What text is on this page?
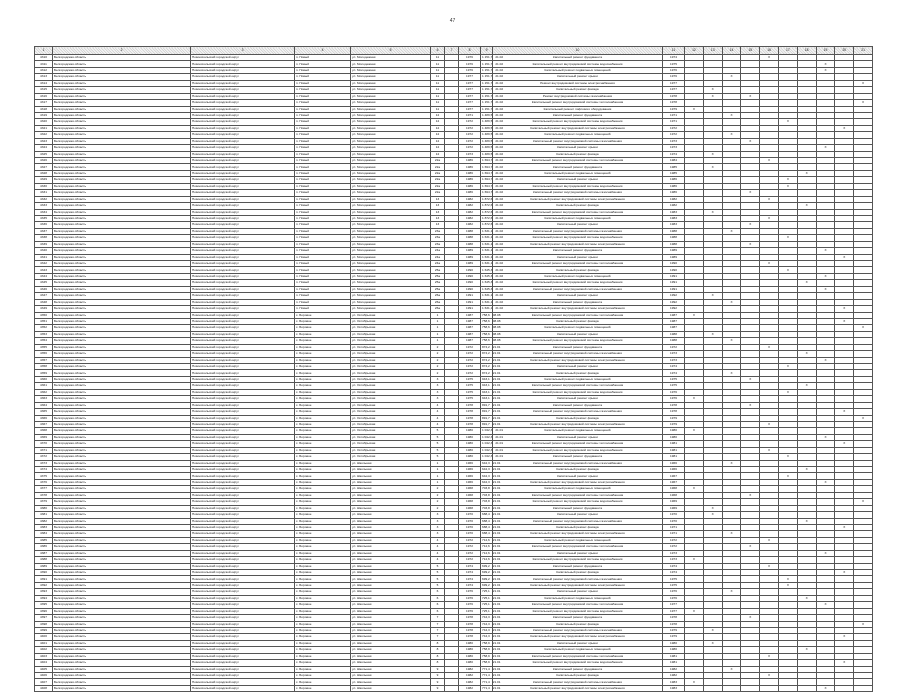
47
1	2	3	4	5	6	7	8	9	10	11	12	13	14	15	16	17	18	19	20	21
4310	Белгородская область	Новооскольский городской округ	п. Новый	ул. Молодежная	11		1976	1 151,7 21.02	Капитальный ремонт фундамента	1974					X					
4311	Белгородская область	Новооскольский городской округ	п. Новый	ул. Молодежная	11		1976	1 151,7 21.02	Капитальный ремонт внутридомовой системы водоснабжения	1975								X		
4312	Белгородская область	Новооскольский городской округ	п. Новый	ул. Молодежная	11		1976	1 151,7 21.02	Капитальный ремонт подвальных помещений	1976								X		
4313	Белгородская область	Новооскольский городской округ	п. Новый	ул. Молодежная	11		1977	1 151,7 21.02	Капитальный ремонт крыши	1976			X							
4314	Белгородская область	Новооскольский городской округ	п. Новый	ул. Молодежная	11		1977	1 151,7 21.02	Ремонт внутридомовой системы электроснабжения	1977										X
4315	Белгородская область	Новооскольский городской округ	п. Новый	ул. Молодежная	11		1977	1 151,7 21.02	Капитальный ремонт фасада	1977		X								
4316	Белгородская область	Новооскольский городской округ	п. Новый	ул. Молодежная	11		1977	1 151,7 21.02	Ремонт внутридомовой системы газоснабжения	1978		X		X						
4317	Белгородская область	Новооскольский городской округ	п. Новый	ул. Молодежная	11		1977	1 151,7 21.02	Капитальный ремонт внутридомовой системы теплоснабжения	1978										X
4318	Белгородская область	Новооскольский городской округ	п. Новый	ул. Молодежная	11		1977	1 151,7 21.02	Капитальный ремонт лифтового оборудования	1979	X									
4319	Белгородская область	Новооскольский городской округ	п. Новый	ул. Молодежная	12		1971	1 489,5 21.02	Капитальный ремонт фундамента	1971			X							
4320	Белгородская область	Новооскольский городской округ	п. Новый	ул. Молодежная	12		1972	1 489,5 21.02	Капитальный ремонт внутридомовой системы водоснабжения	1971						X				
4321	Белгородская область	Новооскольский городской округ	п. Новый	ул. Молодежная	12		1972	1 489,5 21.02	Капитальный ремонт внутридомовой системы электроснабжения	1972									X	
4322	Белгородская область	Новооскольский городской округ	п. Новый	ул. Молодежная	12		1972	1 489,5 21.02	Капитальный ремонт подвальных помещений	1972			X							
4323	Белгородская область	Новооскольский городской округ	п. Новый	ул. Молодежная	12		1972	1 489,5 21.02	Капитальный ремонт внутридомовой системы газоснабжения	1973				X						
4324	Белгородская область	Новооскольский городской округ	п. Новый	ул. Молодежная	12		1972	1 489,5 21.02	Капитальный ремонт крыши	1973								X		
4325	Белгородская область	Новооскольский городской округ	п. Новый	ул. Молодежная	12		1973	1 489,5 21.02	Капитальный ремонт фасада	1974		X								
4326	Белгородская область	Новооскольский городской округ	п. Новый	ул. Молодежная	22а		1986	1 694,7 21.02	Капитальный ремонт внутридомовой системы теплоснабжения	1984					X					
4327	Белгородская область	Новооскольский городской округ	п. Новый	ул. Молодежная	22а		1986	1 694,7 21.02	Капитальный ремонт фундамента	1985		X								
4328	Белгородская область	Новооскольский городской округ	п. Новый	ул. Молодежная	22а		1986	1 694,7 21.02	Капитальный ремонт подвальных помещений	1985							X			
4329	Белгородская область	Новооскольский городской округ	п. Новый	ул. Молодежная	22а		1986	1 694,7 21.02	Капитальный ремонт крыши	1986						X				
4330	Белгородская область	Новооскольский городской округ	п. Новый	ул. Молодежная	22а		1986	1 694,7 21.02	Капитальный ремонт внутридомовой системы водоснабжения	1986						X				
4331	Белгородская область	Новооскольский городской округ	п. Новый	ул. Молодежная	22а		1986	1 694,7 21.02	Капитальный ремонт внутридомовой системы газоснабжения	1986				X						
4332	Белгородская область	Новооскольский городской округ	п. Новый	ул. Молодежная	13		1982	1 872,6 21.02	Капитальный ремонт внутридомовой системы электроснабжения	1982					X					
4333	Белгородская область	Новооскольский городской округ	п. Новый	ул. Молодежная	13		1982	1 872,6 21.02	Капитальный ремонт фасада	1982							X			
4334	Белгородская область	Новооскольский городской округ	п. Новый	ул. Молодежная	13		1982	1 872,6 21.02	Капитальный ремонт внутридомовой системы теплоснабжения	1983		X								
4335	Белгородская область	Новооскольский городской округ	п. Новый	ул. Молодежная	13		1982	1 872,6 21.02	Капитальный ремонт подвальных помещений	1983					X					
4336	Белгородская область	Новооскольский городской округ	п. Новый	ул. Молодежная	13		1982	1 872,6 21.02	Капитальный ремонт крыши	1983				X						
4337	Белгородская область	Новооскольский городской округ	п. Новый	ул. Молодежная	23а		1988	1 631,1 21.02	Капитальный ремонт внутридомовой системы газоснабжения	1988			X							
4338	Белгородская область	Новооскольский городской округ	п. Новый	ул. Молодежная	23а		1988	1 631,1 21.02	Капитальный ремонт внутридомовой системы водоснабжения	1988						X				
4339	Белгородская область	Новооскольский городской округ	п. Новый	ул. Молодежная	23а		1988	1 631,1 21.02	Капитальный ремонт внутридомовой системы электроснабжения	1988				X						
4340	Белгородская область	Новооскольский городской округ	п. Новый	ул. Молодежная	24а		1989	1 631,1 21.02	Капитальный ремонт фундамента	1989								X		
4341	Белгородская область	Новооскольский городской округ	п. Новый	ул. Молодежная	24а		1989	1 631,1 21.02	Капитальный ремонт крыши	1989									X	
4342	Белгородская область	Новооскольский городской округ	п. Новый	ул. Молодежная	24а		1989	1 631,1 21.02	Капитальный ремонт внутридомовой системы теплоснабжения	1990					X					
4343	Белгородская область	Новооскольский городской округ	п. Новый	ул. Молодежная	25а		1990	1 645,3 21.02	Капитальный ремонт фасада	1990						X				
4344	Белгородская область	Новооскольский городской округ	п. Новый	ул. Молодежная	25а		1990	1 645,3 21.02	Капитальный ремонт подвальных помещений	1991								X		
4345	Белгородская область	Новооскольский городской округ	п. Новый	ул. Молодежная	25а		1990	1 645,3 21.02	Капитальный ремонт внутридомовой системы водоснабжения	1991							X			
4346	Белгородская область	Новооскольский городской округ	п. Новый	ул. Молодежная	25а		1990	1 645,3 21.02	Капитальный ремонт внутридомовой системы газоснабжения	1991								X		
4347	Белгородская область	Новооскольский городской округ	п. Новый	ул. Молодежная	26а		1991	1 631,1 21.02	Капитальный ремонт крыши	1992		X								
4348	Белгородская область	Новооскольский городской округ	п. Новый	ул. Молодежная	26а		1991	1 631,1 21.02	Капитальный ремонт фундамента	1992			X							
4349	Белгородская область	Новооскольский городской округ	п. Новый	ул. Молодежная	26а		1991	1 631,1 21.02	Капитальный ремонт внутридомовой системы электроснабжения	1992									X	
4350	Белгородская область	Новооскольский городской округ	с. Боровое	ул. Октябрьская	1		1987	758,6 08.08	Капитальный ремонт внутридомовой системы теплоснабжения	1987	X									
4351	Белгородская область	Новооскольский городской округ	с. Боровое	ул. Октябрьская	1		1987	758,6 08.08	Капитальный ремонт фасада	1987									X	
4352	Белгородская область	Новооскольский городской округ	с. Боровое	ул. Октябрьская	1		1987	758,6 08.08	Капитальный ремонт подвальных помещений	1987										X
4353	Белгородская область	Новооскольский городской округ	с. Боровое	ул. Октябрьская	1		1987	758,6 08.08	Капитальный ремонт крыши	1988		X								
4354	Белгородская область	Новооскольский городской округ	с. Боровое	ул. Октябрьская	1		1987	758,6 08.08	Капитальный ремонт внутридомовой системы водоснабжения	1988			X							
4355	Белгородская область	Новооскольский городской округ	с. Боровое	ул. Октябрьская	2		1972	874,2 21.01	Капитальный ремонт фундамента	1972					X					
4356	Белгородская область	Новооскольский городской округ	с. Боровое	ул. Октябрьская	2		1972	874,2 21.01	Капитальный ремонт внутридомовой системы газоснабжения	1973							X			
4357	Белгородская область	Новооскольский городской округ	с. Боровое	ул. Октябрьская	2		1972	874,2 21.01	Капитальный ремонт внутридомовой системы электроснабжения	1973								X		
4358	Белгородская область	Новооскольский городской округ	с. Боровое	ул. Октябрьская	2		1972	874,2 21.01	Капитальный ремонт крыши	1974						X				
4359	Белгородская область	Новооскольский городской округ	с. Боровое	ул. Октябрьская	2		1972	874,2 21.01	Капитальный ремонт фасада	1974			X							
4360	Белгородская область	Новооскольский городской округ	с. Боровое	ул. Октябрьская	3		1975	943,1 21.01	Капитальный ремонт подвальных помещений	1975				X						
4361	Белгородская область	Новооскольский городской округ	с. Боровое	ул. Октябрьская	3		1975	943,1 21.01	Капитальный ремонт внутридомовой системы теплоснабжения	1975							X			
4362	Белгородская область	Новооскольский городской округ	с. Боровое	ул. Октябрьская	3		1975	943,1 21.01	Капитальный ремонт внутридомовой системы водоснабжения	1976						X				
4363	Белгородская область	Новооскольский городской округ	с. Боровое	ул. Октябрьская	3		1975	943,1 21.01	Капитальный ремонт крыши	1976	X									
4364	Белгородская область	Новооскольский городской округ	с. Боровое	ул. Октябрьская	4		1978	891,7 21.01	Капитальный ремонт фундамента	1978				X						
4365	Белгородская область	Новооскольский городской округ	с. Боровое	ул. Октябрьская	4		1978	891,7 21.01	Капитальный ремонт внутридомовой системы газоснабжения	1978									X	
4366	Белгородская область	Новооскольский городской округ	с. Боровое	ул. Октябрьская	4		1978	891,7 21.01	Капитальный ремонт фасада	1979										X
4367	Белгородская область	Новооскольский городской округ	с. Боровое	ул. Октябрьская	4		1978	891,7 21.01	Капитальный ремонт внутридомовой системы электроснабжения	1979					X					
4368	Белгородская область	Новооскольский городской округ	с. Боровое	ул. Октябрьская	5		1980	1 042,3 21.01	Капитальный ремонт подвальных помещений	1980	X									
4369	Белгородская область	Новооскольский городской округ	с. Боровое	ул. Октябрьская	5		1980	1 042,3 21.01	Капитальный ремонт крыши	1980								X		
4370	Белгородская область	Новооскольский городской округ	с. Боровое	ул. Октябрьская	5		1980	1 042,3 21.01	Капитальный ремонт внутридомовой системы теплоснабжения	1981									X	
4371	Белгородская область	Новооскольский городской округ	с. Боровое	ул. Октябрьская	5		1980	1 042,3 21.01	Капитальный ремонт внутридомовой системы водоснабжения	1981					X					
4372	Белгородская область	Новооскольский городской округ	с. Боровое	ул. Октябрьская	5		1980	1 042,3 21.01	Капитальный ремонт фундамента	1981						X				
4373	Белгородская область	Новооскольский городской округ	с. Боровое	ул. Школьная	1		1966	642,3 21.01	Капитальный ремонт внутридомовой системы газоснабжения	1966			X							
4374	Белгородская область	Новооскольский городской округ	с. Боровое	ул. Школьная	1		1966	642,3 21.01	Капитальный ремонт фасада	1966							X			
4375	Белгородская область	Новооскольский городской округ	с. Боровое	ул. Школьная	1		1966	642,3 21.01	Капитальный ремонт крыши	1967						X				
4376	Белгородская область	Новооскольский городской округ	с. Боровое	ул. Школьная	1		1966	642,3 21.01	Капитальный ремонт внутридомовой системы электроснабжения	1967								X		
4377	Белгородская область	Новооскольский городской округ	с. Боровое	ул. Школьная	2		1968	703,8 21.01	Капитальный ремонт подвальных помещений	1968	X									
4378	Белгородская область	Новооскольский городской округ	с. Боровое	ул. Школьная	2		1968	703,8 21.01	Капитальный ремонт внутридомовой системы теплоснабжения	1968				X						
4379	Белгородская область	Новооскольский городской округ	с. Боровое	ул. Школьная	2		1968	703,8 21.01	Капитальный ремонт внутридомовой системы водоснабжения	1969										X
4380	Белгородская область	Новооскольский городской округ	с. Боровое	ул. Школьная	2		1968	703,8 21.01	Капитальный ремонт фундамента	1969		X								
4381	Белгородская область	Новооскольский городской округ	с. Боровое	ул. Школьная	3		1970	688,4 21.01	Капитальный ремонт крыши	1970		X								
4382	Белгородская область	Новооскольский городской округ	с. Боровое	ул. Школьная	3		1970	688,4 21.01	Капитальный ремонт внутридомовой системы газоснабжения	1970							X			
4383	Белгородская область	Новооскольский городской округ	с. Боровое	ул. Школьная	3		1970	688,4 21.01	Капитальный ремонт фасада	1971									X	
4384	Белгородская область	Новооскольский городской округ	с. Боровое	ул. Школьная	3		1970	688,4 21.01	Капитальный ремонт внутридомовой системы электроснабжения	1971			X							
4385	Белгородская область	Новооскольский городской округ	с. Боровое	ул. Школьная	4		1972	712,6 21.01	Капитальный ремонт подвальных помещений	1972					X					
4386	Белгородская область	Новооскольский городской округ	с. Боровое	ул. Школьная	4		1972	712,6 21.01	Капитальный ремонт внутридомовой системы теплоснабжения	1972				X						
4387	Белгородская область	Новооскольский городской округ	с. Боровое	ул. Школьная	4		1972	712,6 21.01	Капитальный ремонт крыши	1973								X		
4388	Белгородская область	Новооскольский городской округ	с. Боровое	ул. Школьная	4		1972	712,6 21.01	Капитальный ремонт внутридомовой системы водоснабжения	1973	X									
4389	Белгородская область	Новооскольский городской округ	с. Боровое	ул. Школьная	5		1974	699,2 21.01	Капитальный ремонт фундамента	1974					X					
4390	Белгородская область	Новооскольский городской округ	с. Боровое	ул. Школьная	5		1974	699,2 21.01	Капитальный ремонт фасада	1974									X	
4391	Белгородская область	Новооскольский городской округ	с. Боровое	ул. Школьная	5		1974	699,2 21.01	Капитальный ремонт внутридомовой системы газоснабжения	1975						X				
4392	Белгородская область	Новооскольский городской округ	с. Боровое	ул. Школьная	5		1974	699,2 21.01	Капитальный ремонт внутридомовой системы электроснабжения	1975						X				
4393	Белгородская область	Новооскольский городской округ	с. Боровое	ул. Школьная	6		1976	725,1 21.01	Капитальный ремонт крыши	1976			X							
4394	Белгородская область	Новооскольский городской округ	с. Боровое	ул. Школьная	6		1976	725,1 21.01	Капитальный ремонт подвальных помещений	1976							X			
4395	Белгородская область	Новооскольский городской округ	с. Боровое	ул. Школьная	6		1976	725,1 21.01	Капитальный ремонт внутридомовой системы теплоснабжения	1977								X		
4396	Белгородская область	Новооскольский городской округ	с. Боровое	ул. Школьная	6		1976	725,1 21.01	Капитальный ремонт внутридомовой системы водоснабжения	1977	X									
4397	Белгородская область	Новооскольский городской округ	с. Боровое	ул. Школьная	7		1978	744,3 21.01	Капитальный ремонт фундамента	1978				X						
4398	Белгородская область	Новооскольский городской округ	с. Боровое	ул. Школьная	7		1978	744,3 21.01	Капитальный ремонт фасада	1978										X
4399	Белгородская область	Новооскольский городской округ	с. Боровое	ул. Школьная	7		1978	744,3 21.01	Капитальный ремонт внутридомовой системы газоснабжения	1979		X								
4400	Белгородская область	Новооскольский городской округ	с. Боровое	ул. Школьная	7		1978	744,3 21.01	Капитальный ремонт внутридомовой системы электроснабжения	1979									X	
4401	Белгородская область	Новооскольский городской округ	с. Боровое	ул. Школьная	8		1980	758,9 21.01	Капитальный ремонт крыши	1980		X								
4402	Белгородская область	Новооскольский городской округ	с. Боровое	ул. Школьная	8		1980	758,9 21.01	Капитальный ремонт подвальных помещений	1980							X			
4403	Белгородская область	Новооскольский городской округ	с. Боровое	ул. Школьная	8		1980	758,9 21.01	Капитальный ремонт внутридомовой системы теплоснабжения	1981					X					
4404	Белгородская область	Новооскольский городской округ	с. Боровое	ул. Школьная	8		1980	758,9 21.01	Капитальный ремонт внутридомовой системы водоснабжения	1981									X	
4405	Белгородская область	Новооскольский городской округ	с. Боровое	ул. Школьная	9		1982	771,4 21.01	Капитальный ремонт фундамента	1982			X							
4406	Белгородская область	Новооскольский городской округ	с. Боровое	ул. Школьная	9		1982	771,4 21.01	Капитальный ремонт фасада	1982					X					
4407	Белгородская область	Новооскольский городской округ	с. Боровое	ул. Школьная	9		1982	771,4 21.01	Капитальный ремонт внутридомовой системы газоснабжения	1983	X									
4408	Белгородская область	Новооскольский городской округ	с. Боровое	ул. Школьная	9		1982	771,4 21.01	Капитальный ремонт внутридомовой системы электроснабжения	1983								X		
